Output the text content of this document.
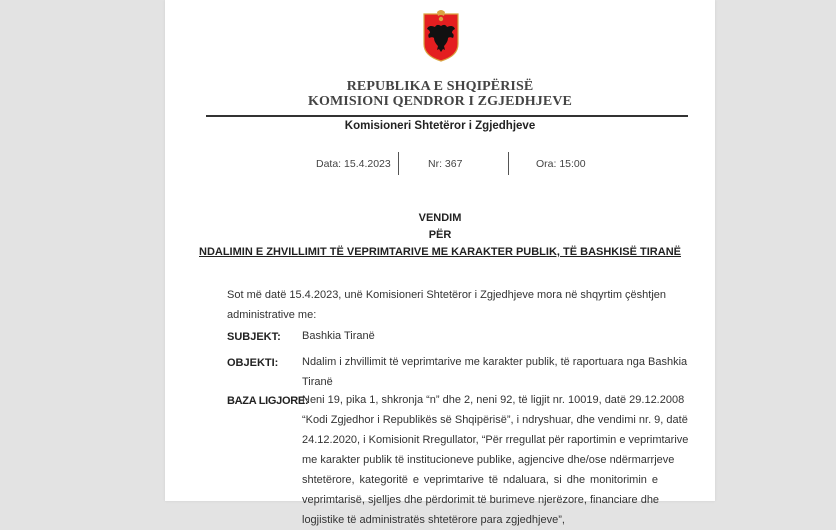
REPUBLIKA E SHQIPËRISË
KOMISIONI QENDROR I ZGJEDHJEVE
Komisioneri Shtetëror i Zgjedhjeve
Data: 15.4.2023	Nr: 367	Ora: 15:00
VENDIM
PËR
NDALIMIN E ZHVILLIMIT TË VEPRIMTARIVE ME KARAKTER PUBLIK, TË BASHKISË TIRANË
Sot më datë 15.4.2023, unë Komisioneri Shtetëror i Zgjedhjeve mora në shqyrtim çështjen
administrative me:
SUBJEKT: Bashkia Tiranë
OBJEKTI: Ndalim i zhvillimit të veprimtarive me karakter publik, të raportuara nga Bashkia
Tiranë
BAZA LIGJORE:
Neni 19, pika 1, shkronja “n” dhe 2, neni 92, të ligjit nr. 10019, datë 29.12.2008
“Kodi Zgjedhor i Republikës së Shqipërisë”, i ndryshuar, dhe vendimi nr. 9, datë
24.12.2020, i Komisionit Rregullator, “Për rregullat për raportimin e veprimtarive
me karakter publik të institucioneve publike, agjencive dhe/ose ndërmarrjeve
shtetërore, kategoritë e veprimtarive të ndaluara, si dhe monitorimin e
veprimtarisë, sjelljes dhe përdorimit të burimeve njerëzore, financiare dhe
logjistike të administratës shtetërore para zgjedhjeve”,
